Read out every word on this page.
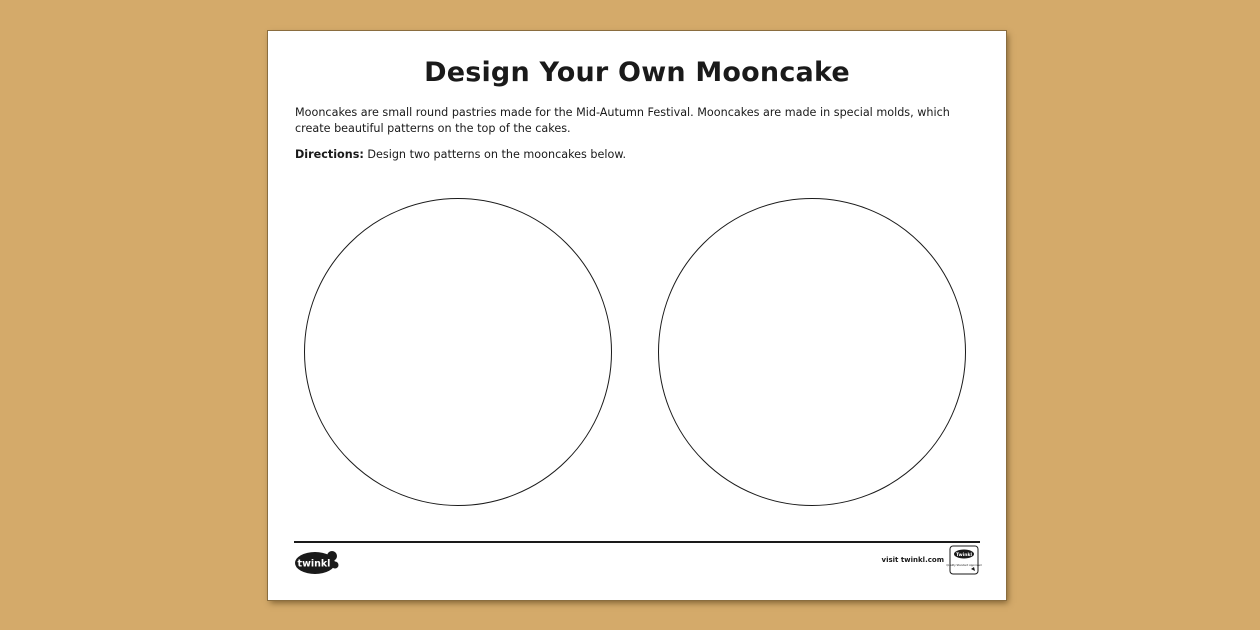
Design Your Own Mooncake

Mooncakes are small round pastries made for the Mid-Autumn Festival. Mooncakes are made in special molds, which create beautiful patterns on the top of the cakes.

Directions: Design two patterns on the mooncakes below.

twinkl	visit twinkl.com
Twinkl
Quality Standard Approved
